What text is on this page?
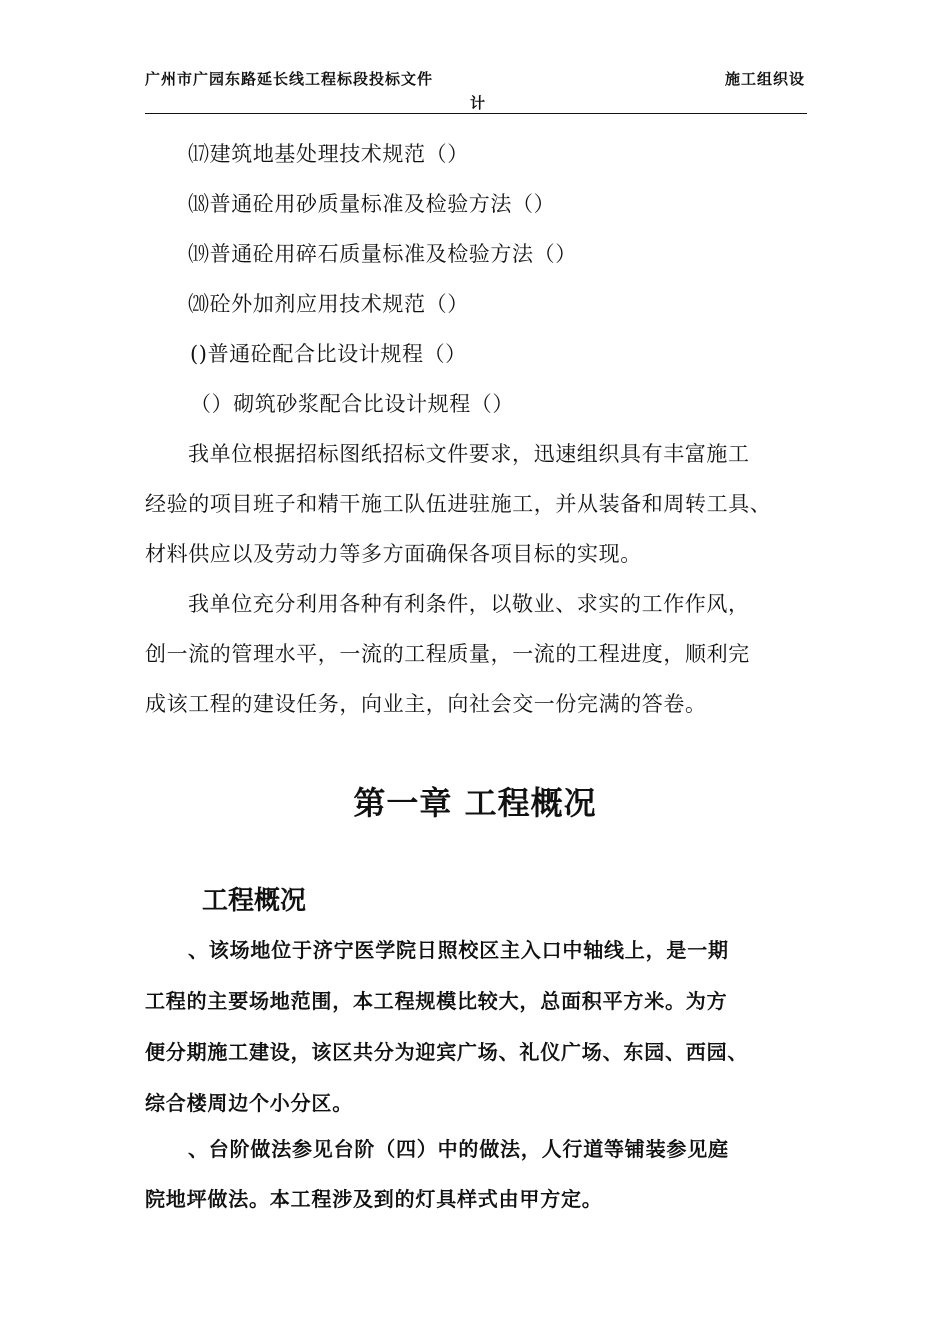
广州市广园东路延长线工程标段投标文件	施工组织设
计
⒄建筑地基处理技术规范（）
⒅普通砼用砂质量标准及检验方法（）
⒆普通砼用碎石质量标准及检验方法（）
⒇砼外加剂应用技术规范（）
()普通砼配合比设计规程（）
（）砌筑砂浆配合比设计规程（）
我单位根据招标图纸招标文件要求，迅速组织具有丰富施工
经验的项目班子和精干施工队伍进驻施工，并从装备和周转工具、
材料供应以及劳动力等多方面确保各项目标的实现。
我单位充分利用各种有利条件，以敬业、求实的工作作风，
创一流的管理水平，一流的工程质量，一流的工程进度，顺利完
成该工程的建设任务，向业主，向社会交一份完满的答卷。
第一章 工程概况
工程概况
、该场地位于济宁医学院日照校区主入口中轴线上，是一期
工程的主要场地范围，本工程规模比较大，总面积平方米。为方
便分期施工建设，该区共分为迎宾广场、礼仪广场、东园、西园、
综合楼周边个小分区。
、台阶做法参见台阶（四）中的做法，人行道等铺装参见庭
院地坪做法。本工程涉及到的灯具样式由甲方定。
